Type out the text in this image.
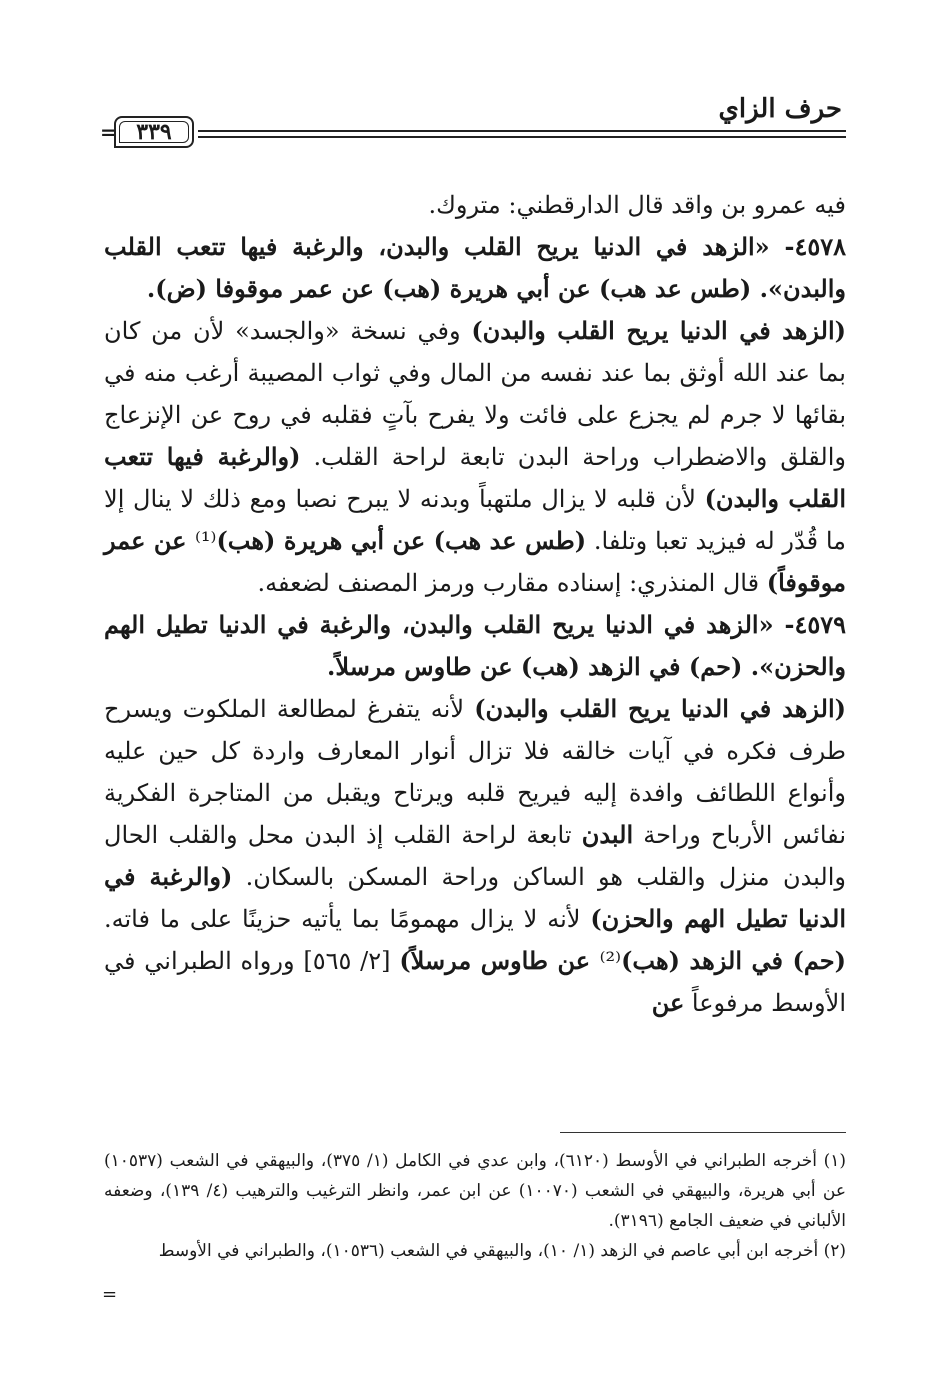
حرف الزاي
= ٣٣٩

فيه عمرو بن واقد قال الدارقطني: متروك.

٤٥٧٨- «الزهد في الدنيا يريح القلب والبدن، والرغبة فيها تتعب القلب والبدن». (طس عد هب) عن أبي هريرة (هب) عن عمر موقوفا (ض).

(الزهد في الدنيا يريح القلب والبدن) وفي نسخة «والجسد» لأن من كان بما عند الله أوثق بما عند نفسه من المال وفي ثواب المصيبة أرغب منه في بقائها لا جرم لم يجزع على فائت ولا يفرح بآتٍ فقلبه في روح عن الإنزعاج والقلق والاضطراب وراحة البدن تابعة لراحة القلب. (والرغبة فيها تتعب القلب والبدن) لأن قلبه لا يزال ملتهباً وبدنه لا يبرح نصبا ومع ذلك لا ينال إلا ما قُدّر له فيزيد تعبا وتلفا. (طس عد هب) عن أبي هريرة (هب)⁽¹⁾ عن عمر موقوفاً) قال المنذري: إسناده مقارب ورمز المصنف لضعفه.

٤٥٧٩- «الزهد في الدنيا يريح القلب والبدن، والرغبة في الدنيا تطيل الهم والحزن». (حم) في الزهد (هب) عن طاوس مرسلاً.

(الزهد في الدنيا يريح القلب والبدن) لأنه يتفرغ لمطالعة الملكوت ويسرح طرف فكره في آيات خالقه فلا تزال أنوار المعارف واردة كل حين عليه وأنواع اللطائف وافدة إليه فيريح قلبه ويرتاح ويقبل من المتاجرة الفكرية نفائس الأرباح وراحة البدن تابعة لراحة القلب إذ البدن محل والقلب الحال والبدن منزل والقلب هو الساكن وراحة المسكن بالسكان. (والرغبة في الدنيا تطيل الهم والحزن) لأنه لا يزال مهمومًا بما يأتيه حزينًا على ما فاته. (حم) في الزهد (هب)⁽²⁾ عن طاوس مرسلاً) [٢/ ٥٦٥] ورواه الطبراني في الأوسط مرفوعاً عن

(١) أخرجه الطبراني في الأوسط (٦١٢٠)، وابن عدي في الكامل (١/ ٣٧٥)، والبيهقي في الشعب (١٠٥٣٧) عن أبي هريرة، والبيهقي في الشعب (١٠٠٧٠) عن ابن عمر، وانظر الترغيب والترهيب (٤/ ١٣٩)، وضعفه الألباني في ضعيف الجامع (٣١٩٦).

(٢) أخرجه ابن أبي عاصم في الزهد (١/ ١٠)، والبيهقي في الشعب (١٠٥٣٦)، والطبراني في الأوسط

=
